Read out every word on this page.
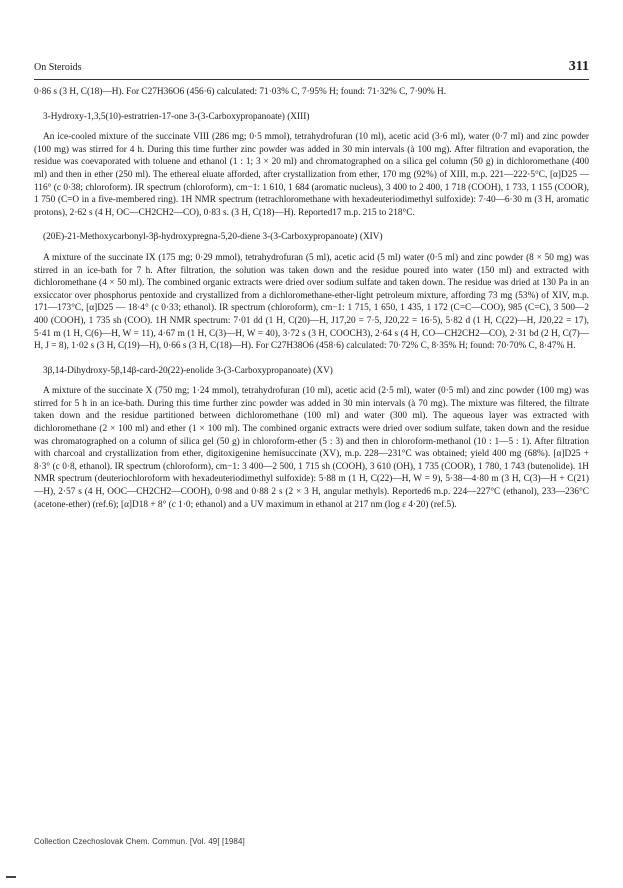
On Steroids	311

0·86 s (3 H, C(18)—H). For C27H36O6 (456·6) calculated: 71·03% C, 7·95% H; found: 71·32% C, 7·90% H.

3-Hydroxy-1,3,5(10)-estratrien-17-one 3-(3-Carboxypropanoate) (XIII)

An ice-cooled mixture of the succinate VIII (286 mg; 0·5 mmol), tetrahydrofuran (10 ml), acetic acid (3·6 ml), water (0·7 ml) and zinc powder (100 mg) was stirred for 4 h. During this time further zinc powder was added in 30 min intervals (à 100 mg). After filtration and evaporation, the residue was coevaporated with toluene and ethanol (1 : 1; 3 × 20 ml) and chromatographed on a silica gel column (50 g) in dichloromethane (400 ml) and then in ether (250 ml). The ethereal eluate afforded, after crystallization from ether, 170 mg (92%) of XIII, m.p. 221—222·5°C, [α]D25 —116° (c 0·38; chloroform). IR spectrum (chloroform), cm−1: 1 610, 1 684 (aromatic nucleus), 3 400 to 2 400, 1 718 (COOH), 1 733, 1 155 (COOR), 1 750 (C=O in a five-membered ring). 1H NMR spectrum (tetrachloromethane with hexadeuteriodimethyl sulfoxide): 7·40—6·30 m (3 H, aromatic protons), 2·62 s (4 H, OC—CH2CH2—CO), 0·83 s. (3 H, C(18)—H). Reported17 m.p. 215 to 218°C.

(20E)-21-Methoxycarbonyl-3β-hydroxypregna-5,20-diene 3-(3-Carboxypropanoate) (XIV)

A mixture of the succinate IX (175 mg; 0·29 mmol), tetrahydrofuran (5 ml), acetic acid (5 ml) water (0·5 ml) and zinc powder (8 × 50 mg) was stirred in an ice-bath for 7 h. After filtration, the solution was taken down and the residue poured into water (150 ml) and extracted with dichloromethane (4 × 50 ml). The combined organic extracts were dried over sodium sulfate and taken down. The residue was dried at 130 Pa in an exsiccator over phosphorus pentoxide and crystallized from a dichloromethane-ether-light petroleum mixture, affording 73 mg (53%) of XIV, m.p. 171—173°C, [α]D25 — 18·4° (c 0·33; ethanol). IR spectrum (chloroform), cm−1: 1 715, 1 650, 1 435, 1 172 (C=C—COO), 985 (C=C), 3 500—2 400 (COOH), 1 735 sh (COO). 1H NMR spectrum: 7·01 dd (1 H, C(20)—H, J17,20 = 7·5, J20,22 = 16·5), 5·82 d (1 H, C(22)—H, J20,22 = 17), 5·41 m (1 H, C(6)—H, W = 11), 4·67 m (1 H, C(3)—H, W = 40), 3·72 s (3 H, COOCH3), 2·64 s (4 H, CO—CH2CH2—CO), 2·31 bd (2 H, C(7)—H, J = 8), 1·02 s (3 H, C(19)—H), 0·66 s (3 H, C(18)—H). For C27H38O6 (458·6) calculated: 70·72% C, 8·35% H; found: 70·70% C, 8·47% H.

3β,14-Dihydroxy-5β,14β-card-20(22)-enolide 3-(3-Carboxypropanoate) (XV)

A mixture of the succinate X (750 mg; 1·24 mmol), tetrahydrofuran (10 ml), acetic acid (2·5 ml), water (0·5 ml) and zinc powder (100 mg) was stirred for 5 h in an ice-bath. During this time further zinc powder was added in 30 min intervals (à 70 mg). The mixture was filtered, the filtrate taken down and the residue partitioned between dichloromethane (100 ml) and water (300 ml). The aqueous layer was extracted with dichloromethane (2 × 100 ml) and ether (1 × 100 ml). The combined organic extracts were dried over sodium sulfate, taken down and the residue was chromatographed on a column of silica gel (50 g) in chloroform-ether (5 : 3) and then in chloroform-methanol (10 : 1—5 : 1). After filtration with charcoal and crystallization from ether, digitoxigenine hemisuccinate (XV), m.p. 228—231°C was obtained; yield 400 mg (68%). [α]D25 + 8·3° (c 0·8, ethanol). IR spectrum (chloroform), cm−1: 3 400—2 500, 1 715 sh (COOH), 3 610 (OH), 1 735 (COOR), 1 780, 1 743 (butenolide). 1H NMR spectrum (deuteriochloroform with hexadeuteriodimethyl sulfoxide): 5·88 m (1 H, C(22)—H, W = 9), 5·38—4·80 m (3 H, C(3)—H + C(21)—H), 2·57 s (4 H, OOC—CH2CH2—COOH), 0·98 and 0·88 2 s (2 × 3 H, angular methyls). Reported6 m.p. 224—227°C (ethanol), 233—236°C (acetone-ether) (ref.6); [α]D18 + 8° (c 1·0; ethanol) and a UV maximum in ethanol at 217 nm (log ε 4·20) (ref.5).

Collection Czechoslovak Chem. Commun. [Vol. 49] [1984]
